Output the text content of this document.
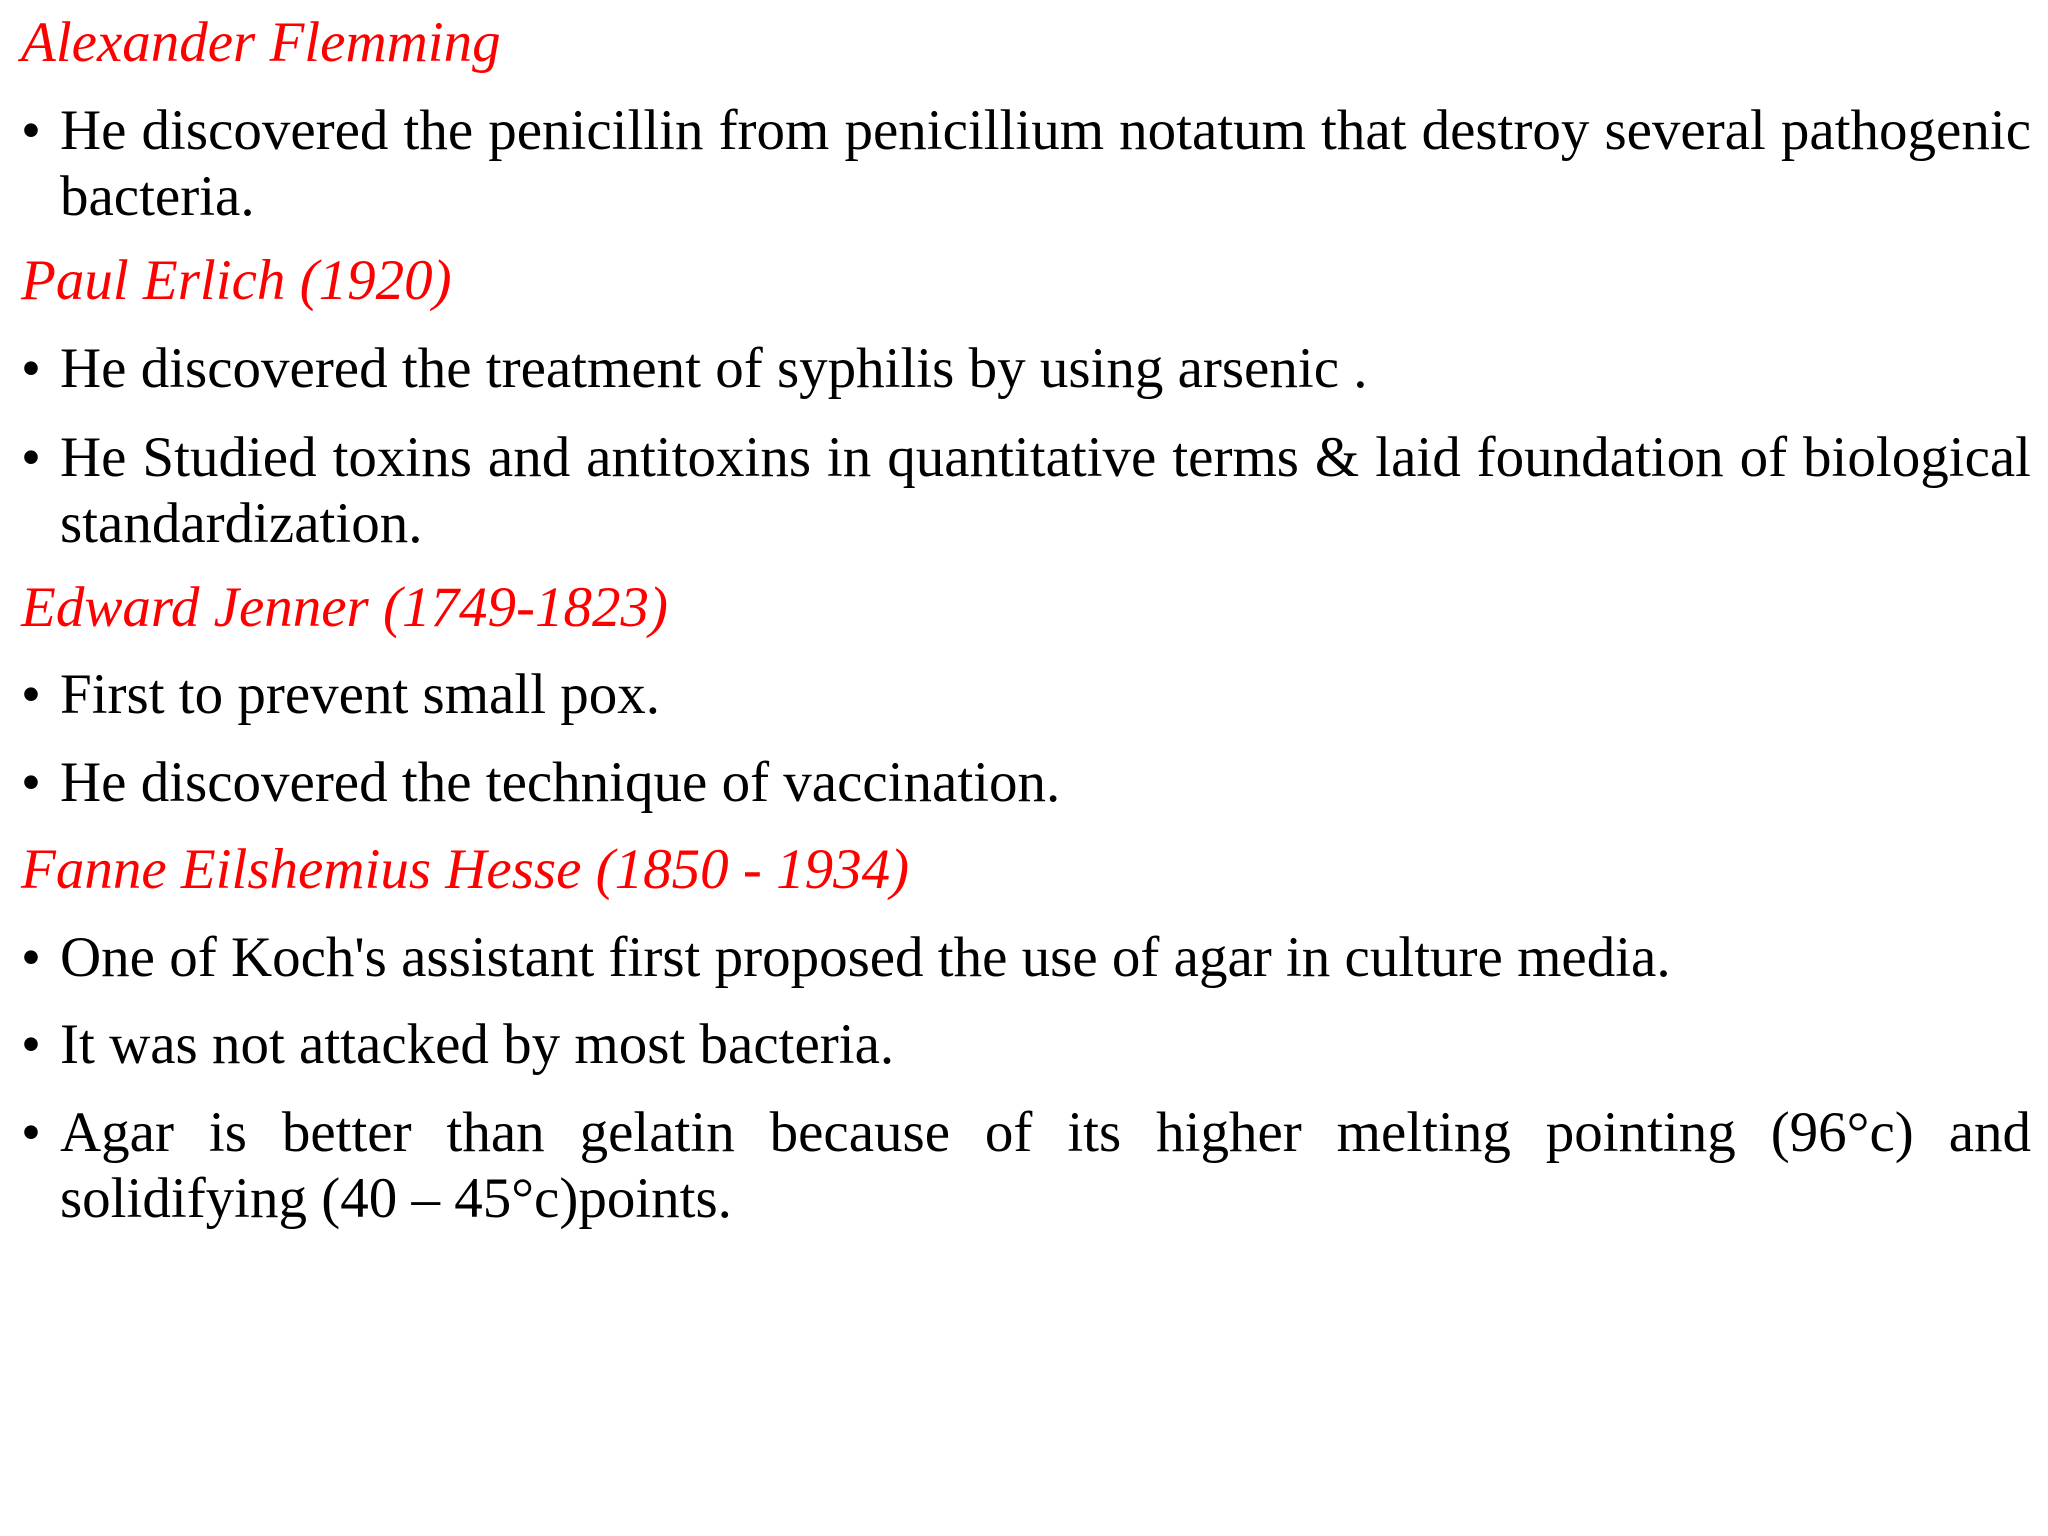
Alexander Flemming
• He discovered the penicillin from penicillium notatum that destroy several pathogenic bacteria.
Paul Erlich (1920)
• He discovered the treatment of syphilis by using arsenic .
• He Studied toxins and antitoxins in quantitative terms & laid foundation of biological standardization.
Edward Jenner (1749-1823)
• First to prevent small pox.
• He discovered the technique of vaccination.
Fanne Eilshemius Hesse (1850 - 1934)
• One of Koch's assistant first proposed the use of agar in culture media.
• It was not attacked by most bacteria.
• Agar is better than gelatin because of its higher melting pointing (96°c) and solidifying (40 – 45°c)points.
